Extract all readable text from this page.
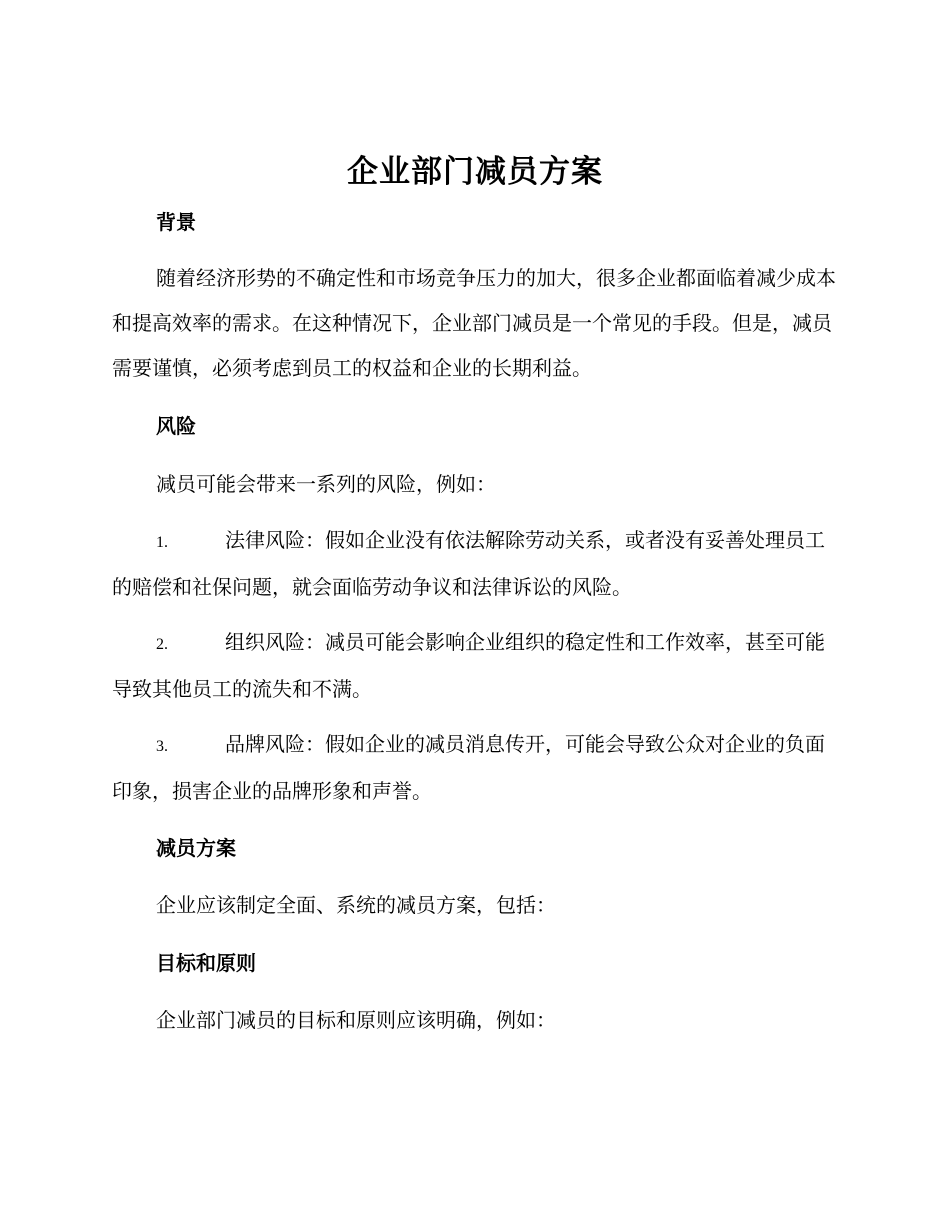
企业部门减员方案
背景

随着经济形势的不确定性和市场竞争压力的加大，很多企业都面临着减少成本和提高效率的需求。在这种情况下，企业部门减员是一个常见的手段。但是，减员需要谨慎，必须考虑到员工的权益和企业的长期利益。

风险
减员可能会带来一系列的风险，例如：

1.	法律风险：假如企业没有依法解除劳动关系，或者没有妥善处理员工的赔偿和社保问题，就会面临劳动争议和法律诉讼的风险。

2.	组织风险：减员可能会影响企业组织的稳定性和工作效率，甚至可能导致其他员工的流失和不满。

3.	品牌风险：假如企业的减员消息传开，可能会导致公众对企业的负面印象，损害企业的品牌形象和声誉。

减员方案
企业应该制定全面、系统的减员方案，包括：
目标和原则
企业部门减员的目标和原则应该明确，例如：
